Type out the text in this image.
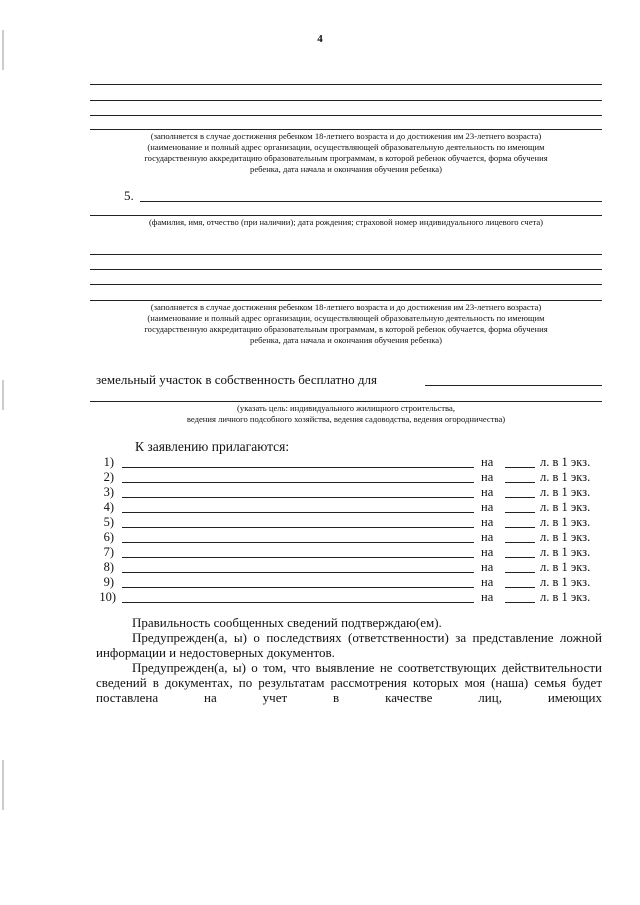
4
(заполняется в случае достижения ребенком 18-летнего возраста и до достижения им 23-летнего возраста)
(наименование и полный адрес организации, осуществляющей образовательную деятельность по имеющим
государственную аккредитацию образовательным программам, в которой ребенок обучается, форма обучения
ребенка, дата начала и окончания обучения ребенка)
5.
(фамилия, имя, отчество (при наличии); дата рождения; страховой номер индивидуального лицевого счета)
(заполняется в случае достижения ребенком 18-летнего возраста и до достижения им 23-летнего возраста)
(наименование и полный адрес организации, осуществляющей образовательную деятельность по имеющим
государственную аккредитацию образовательным программам, в которой ребенок обучается, форма обучения
ребенка, дата начала и окончания обучения ребенка)
земельный участок в собственность бесплатно для
(указать цель: индивидуального жилищного строительства,
ведения личного подсобного хозяйства, ведения садоводства, ведения огородничества)
К заявлению прилагаются:
1)	на	л. в 1 экз.
2)	на	л. в 1 экз.
3)	на	л. в 1 экз.
4)	на	л. в 1 экз.
5)	на	л. в 1 экз.
6)	на	л. в 1 экз.
7)	на	л. в 1 экз.
8)	на	л. в 1 экз.
9)	на	л. в 1 экз.
10)	на	л. в 1 экз.
Правильность сообщенных сведений подтверждаю(ем).
Предупрежден(а, ы) о последствиях (ответственности) за представление ложной информации и недостоверных документов.
Предупрежден(а, ы) о том, что выявление не соответствующих действительности сведений в документах, по результатам рассмотрения которых моя (наша) семья будет поставлена на учет в качестве лиц, имеющих
